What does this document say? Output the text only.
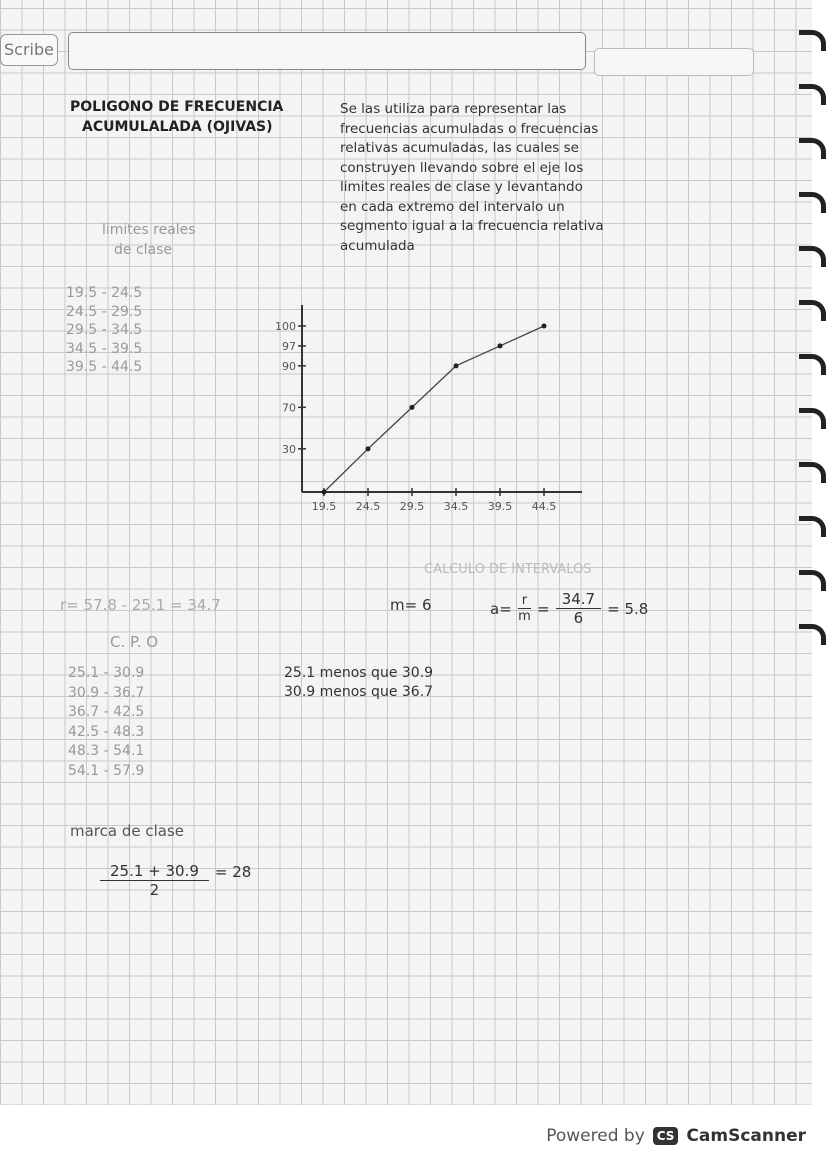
Scribe
POLIGONO DE FRECUENCIA
ACUMULALADA (OJIVAS)
Se las utiliza para representar las
frecuencias acumuladas o frecuencias
relativas acumuladas, las cuales se
construyen llevando sobre el eje los
limites reales de clase y levantando
en cada extremo del intervalo un
segmento igual a la frecuencia relativa
acumulada
limites reales
de clase
19.5 - 24.5
24.5 - 29.5
29.5 - 34.5
34.5 - 39.5
39.5 - 44.5
19.5 24.5 29.5 34.5 39.5 44.5
30
70
90
97
100
CALCULO DE INTERVALOS
r= 57.8 - 25.1 = 34.7	m= 6	$a= \frac{r}{m} = \frac{34.7}{6} = 5.8$
C. P. O
25.1 - 30.9
30.9 - 36.7
36.7 - 42.5
42.5 - 48.3
48.3 - 54.1
54.1 - 57.9
25.1 menos que 30.9
30.9 menos que 36.7
marca de clase
$\frac{25.1 + 30.9}{2} = 28$
Powered by	CS CamScanner
